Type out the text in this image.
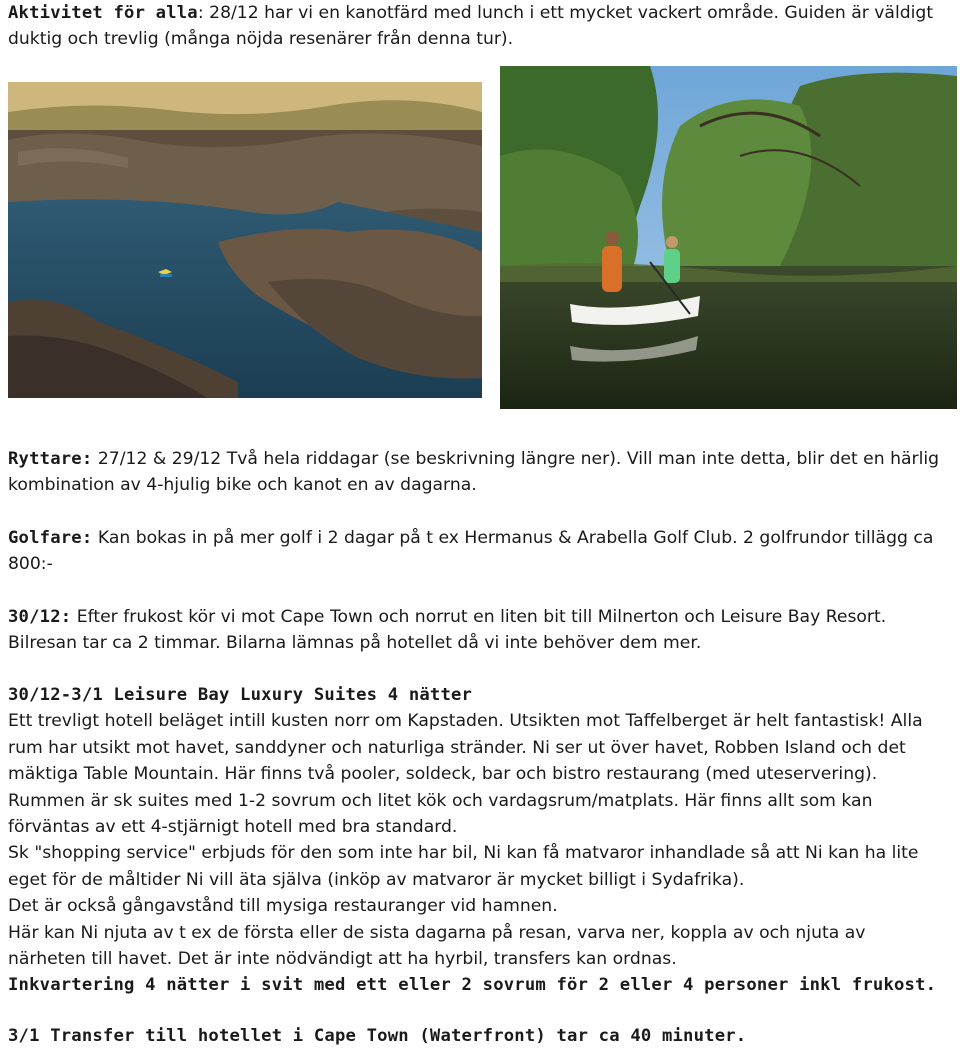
Aktivitet för alla: 28/12 har vi en kanotfärd med lunch i ett mycket vackert område. Guiden är väldigt duktig och trevlig (många nöjda resenärer från denna tur).

Ryttare: 27/12 & 29/12 Två hela riddagar (se beskrivning längre ner). Vill man inte detta, blir det en härlig kombination av 4-hjulig bike och kanot en av dagarna.

Golfare: Kan bokas in på mer golf i 2 dagar på t ex Hermanus & Arabella Golf Club. 2 golfrundor tillägg ca 800:-

30/12: Efter frukost kör vi mot Cape Town och norrut en liten bit till Milnerton och Leisure Bay Resort. Bilresan tar ca 2 timmar. Bilarna lämnas på hotellet då vi inte behöver dem mer.

30/12-3/1 Leisure Bay Luxury Suites 4 nätter
Ett trevligt hotell beläget intill kusten norr om Kapstaden. Utsikten mot Taffelberget är helt fantastisk! Alla rum har utsikt mot havet, sanddyner och naturliga stränder. Ni ser ut över havet, Robben Island och det mäktiga Table Mountain. Här finns två pooler, soldeck, bar och bistro restaurang (med uteservering). Rummen är sk suites med 1-2 sovrum och litet kök och vardagsrum/matplats. Här finns allt som kan förväntas av ett 4-stjärnigt hotell med bra standard.
Sk "shopping service" erbjuds för den som inte har bil, Ni kan få matvaror inhandlade så att Ni kan ha lite eget för de måltider Ni vill äta själva (inköp av matvaror är mycket billigt i Sydafrika).
Det är också gångavstånd till mysiga restauranger vid hamnen.
Här kan Ni njuta av t ex de första eller de sista dagarna på resan, varva ner, koppla av och njuta av närheten till havet. Det är inte nödvändigt att ha hyrbil, transfers kan ordnas.
Inkvartering 4 nätter i svit med ett eller 2 sovrum för 2 eller 4 personer inkl frukost.

3/1 Transfer till hotellet i Cape Town (Waterfront) tar ca 40 minuter.
